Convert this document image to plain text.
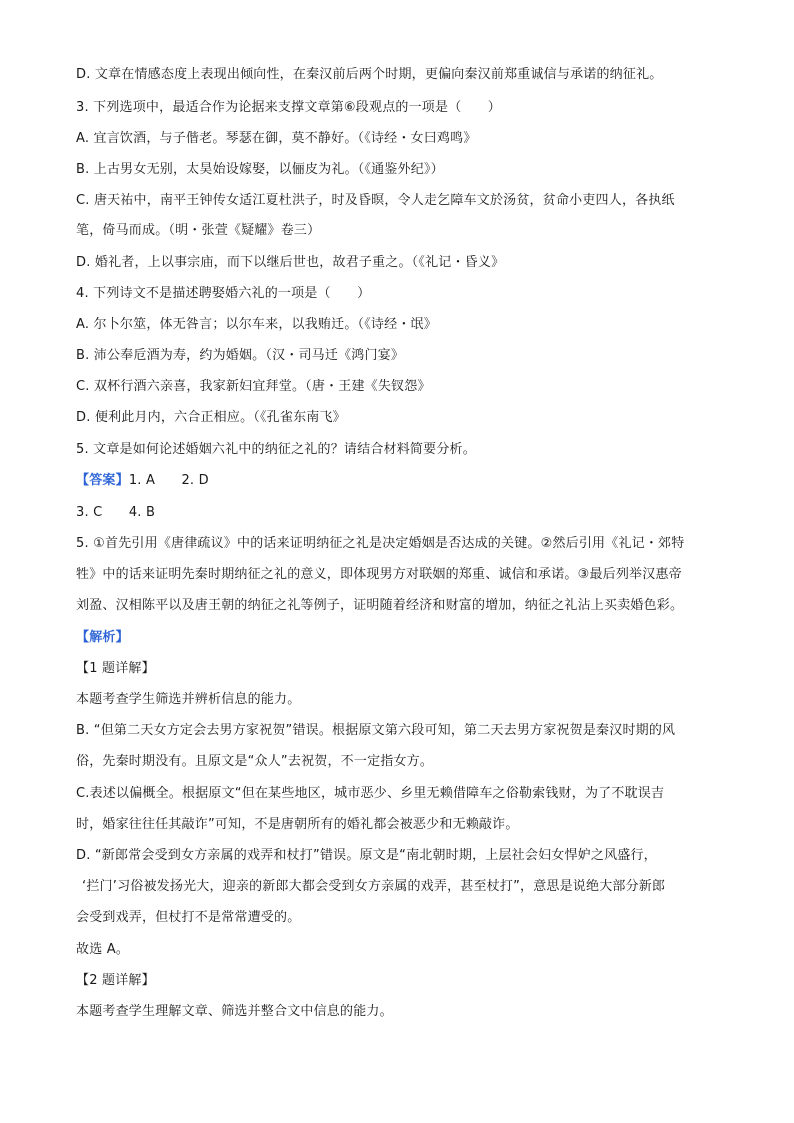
D. 文章在情感态度上表现出倾向性，在秦汉前后两个时期，更偏向秦汉前郑重诚信与承诺的纳征礼。
3. 下列选项中，最适合作为论据来支撑文章第⑥段观点的一项是（　　）
A. 宜言饮酒，与子偕老。琴瑟在御，莫不静好。（《诗经・女曰鸡鸣》
B. 上古男女无别，太昊始设嫁娶，以俪皮为礼。（《通鉴外纪》）
C. 唐天祐中，南平王钟传女适江夏杜洪子，时及昏暝，令人走乞障车文於汤贫，贫命小吏四人，各执纸
笔，倚马而成。（明・张萱《疑耀》卷三）
D. 婚礼者，上以事宗庙，而下以继后世也，故君子重之。（《礼记・昏义》
4. 下列诗文不是描述聘娶婚六礼的一项是（　　）
A. 尔卜尔筮，体无咎言；以尔车来，以我贿迁。（《诗经・氓》
B. 沛公奉卮酒为寿，约为婚姻。（汉・司马迁《鸿门宴》
C. 双杯行酒六亲喜，我家新妇宜拜堂。（唐・王建《失钗怨》
D. 便利此月内，六合正相应。（《孔雀东南飞》
5. 文章是如何论述婚姻六礼中的纳征之礼的？请结合材料简要分析。
【答案】1. A　　2. D
3. C　　4. B
5. ①首先引用《唐律疏议》中的话来证明纳征之礼是决定婚姻是否达成的关键。②然后引用《礼记・郊特
牲》中的话来证明先秦时期纳征之礼的意义，即体现男方对联姻的郑重、诚信和承诺。③最后列举汉惠帝
刘盈、汉相陈平以及唐王朝的纳征之礼等例子，证明随着经济和财富的增加，纳征之礼沾上买卖婚色彩。
【解析】
【1 题详解】
本题考查学生筛选并辨析信息的能力。
B. “但第二天女方定会去男方家祝贺”错误。根据原文第六段可知，第二天去男方家祝贺是秦汉时期的风
俗，先秦时期没有。且原文是“众人”去祝贺，不一定指女方。
C.表述以偏概全。根据原文“但在某些地区，城市恶少、乡里无赖借障车之俗勒索钱财，为了不耽误吉
时，婚家往往任其敲诈”可知，不是唐朝所有的婚礼都会被恶少和无赖敲诈。
D. “新郎常会受到女方亲属的戏弄和杖打”错误。原文是“南北朝时期，上层社会妇女悍妒之风盛行，
‘拦门’习俗被发扬光大，迎亲的新郎大都会受到女方亲属的戏弄，甚至杖打”，意思是说绝大部分新郎
会受到戏弄，但杖打不是常常遭受的。
故选 A。
【2 题详解】
本题考查学生理解文章、筛选并整合文中信息的能力。
